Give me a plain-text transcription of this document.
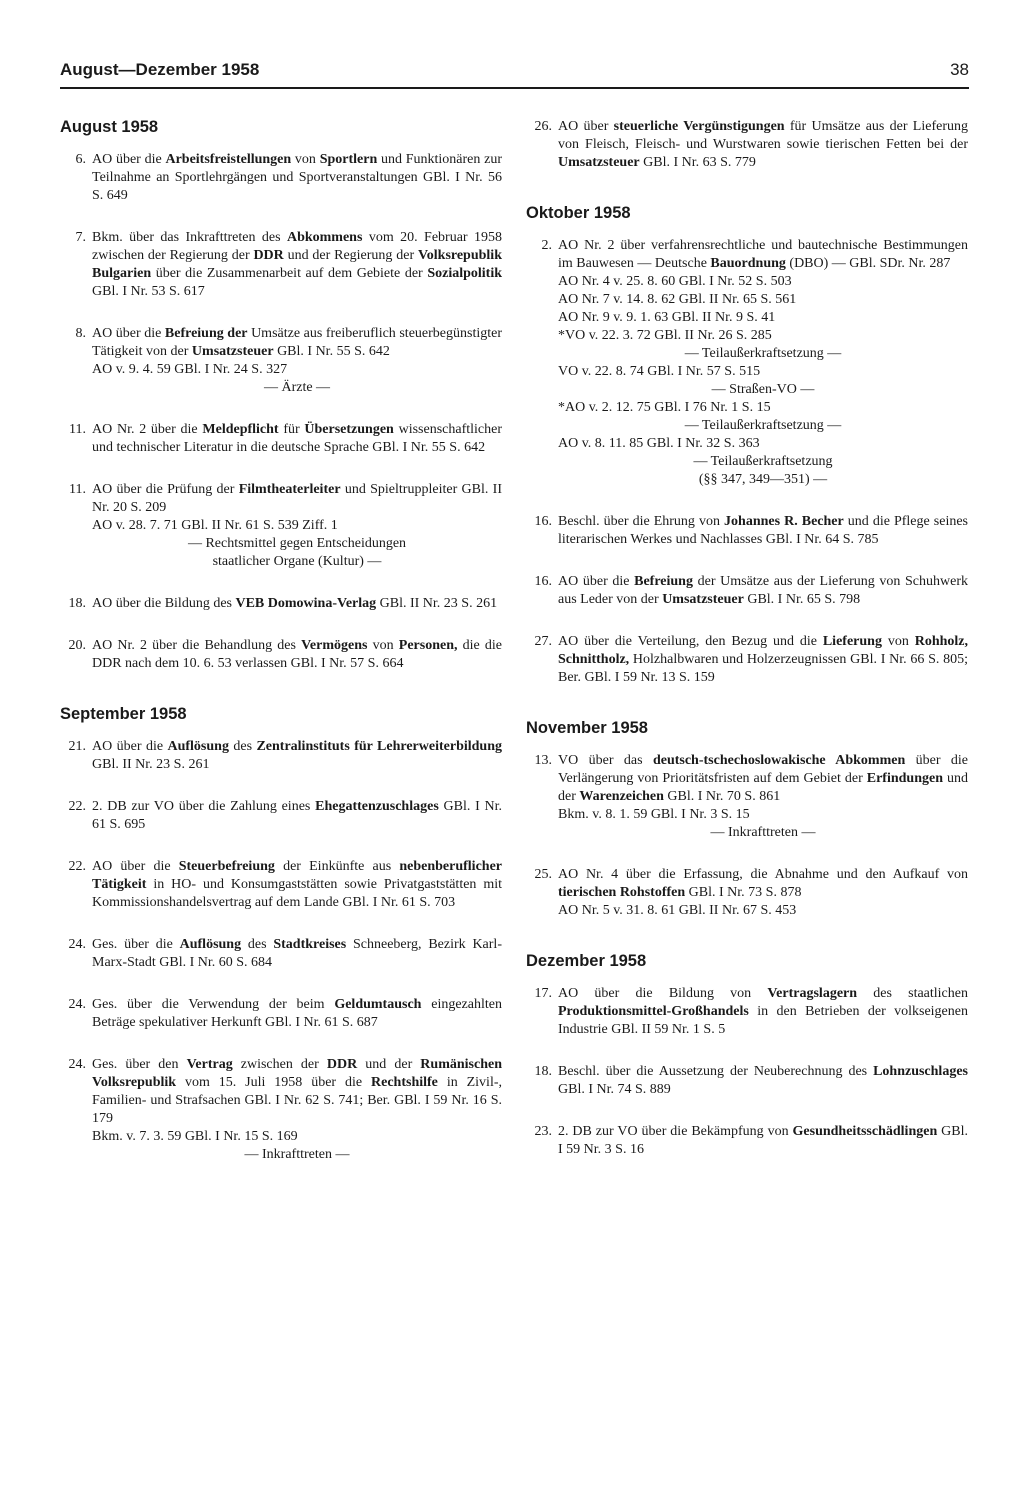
August—Dezember 1958	38
August 1958
6. AO über die Arbeitsfreistellungen von Sportlern und Funktionären zur Teilnahme an Sportlehrgängen und Sportveranstaltungen GBl. I Nr. 56 S. 649
7. Bkm. über das Inkrafttreten des Abkommens vom 20. Februar 1958 zwischen der Regierung der DDR und der Regierung der Volksrepublik Bulgarien über die Zusammenarbeit auf dem Gebiete der Sozialpolitik GBl. I Nr. 53 S. 617
8. AO über die Befreiung der Umsätze aus freiberuflich steuerbegünstigter Tätigkeit von der Umsatzsteuer GBl. I Nr. 55 S. 642
AO v. 9. 4. 59 GBl. I Nr. 24 S. 327
— Ärzte —
11. AO Nr. 2 über die Meldepflicht für Übersetzungen wissenschaftlicher und technischer Literatur in die deutsche Sprache GBl. I Nr. 55 S. 642
11. AO über die Prüfung der Filmtheaterleiter und Spieltruppleiter GBl. II Nr. 20 S. 209
AO v. 28. 7. 71 GBl. II Nr. 61 S. 539 Ziff. 1
— Rechtsmittel gegen Entscheidungen
staatlicher Organe (Kultur) —
18. AO über die Bildung des VEB Domowina-Verlag GBl. II Nr. 23 S. 261
20. AO Nr. 2 über die Behandlung des Vermögens von Personen, die die DDR nach dem 10. 6. 53 verlassen GBl. I Nr. 57 S. 664
September 1958
21. AO über die Auflösung des Zentralinstituts für Lehrerweiterbildung GBl. II Nr. 23 S. 261
22. 2. DB zur VO über die Zahlung eines Ehegattenzuschlages GBl. I Nr. 61 S. 695
22. AO über die Steuerbefreiung der Einkünfte aus nebenberuflicher Tätigkeit in HO- und Konsumgaststätten sowie Privatgaststätten mit Kommissionshandelsvertrag auf dem Lande GBl. I Nr. 61 S. 703
24. Ges. über die Auflösung des Stadtkreises Schneeberg, Bezirk Karl-Marx-Stadt GBl. I Nr. 60 S. 684
24. Ges. über die Verwendung der beim Geldumtausch eingezahlten Beträge spekulativer Herkunft GBl. I Nr. 61 S. 687
24. Ges. über den Vertrag zwischen der DDR und der Rumänischen Volksrepublik vom 15. Juli 1958 über die Rechtshilfe in Zivil-, Familien- und Strafsachen GBl. I Nr. 62 S. 741; Ber. GBl. I 59 Nr. 16 S. 179
Bkm. v. 7. 3. 59 GBl. I Nr. 15 S. 169
— Inkrafttreten —
26. AO über steuerliche Vergünstigungen für Umsätze aus der Lieferung von Fleisch, Fleisch- und Wurstwaren sowie tierischen Fetten bei der Umsatzsteuer GBl. I Nr. 63 S. 779
Oktober 1958
2. AO Nr. 2 über verfahrensrechtliche und bautechnische Bestimmungen im Bauwesen — Deutsche Bauordnung (DBO) — GBl. SDr. Nr. 287
AO Nr. 4 v. 25. 8. 60 GBl. I Nr. 52 S. 503
AO Nr. 7 v. 14. 8. 62 GBl. II Nr. 65 S. 561
AO Nr. 9 v. 9. 1. 63 GBl. II Nr. 9 S. 41
*VO v. 22. 3. 72 GBl. II Nr. 26 S. 285
— Teilaußerkraftsetzung —
VO v. 22. 8. 74 GBl. I Nr. 57 S. 515
— Straßen-VO —
*AO v. 2. 12. 75 GBl. I 76 Nr. 1 S. 15
— Teilaußerkraftsetzung —
AO v. 8. 11. 85 GBl. I Nr. 32 S. 363
— Teilaußerkraftsetzung
(§§ 347, 349—351) —
16. Beschl. über die Ehrung von Johannes R. Becher und die Pflege seines literarischen Werkes und Nachlasses GBl. I Nr. 64 S. 785
16. AO über die Befreiung der Umsätze aus der Lieferung von Schuhwerk aus Leder von der Umsatzsteuer GBl. I Nr. 65 S. 798
27. AO über die Verteilung, den Bezug und die Lieferung von Rohholz, Schnittholz, Holzhalbwaren und Holzerzeugnissen GBl. I Nr. 66 S. 805; Ber. GBl. I 59 Nr. 13 S. 159
November 1958
13. VO über das deutsch-tschechoslowakische Abkommen über die Verlängerung von Prioritätsfristen auf dem Gebiet der Erfindungen und der Warenzeichen GBl. I Nr. 70 S. 861
Bkm. v. 8. 1. 59 GBl. I Nr. 3 S. 15
— Inkrafttreten —
25. AO Nr. 4 über die Erfassung, die Abnahme und den Aufkauf von tierischen Rohstoffen GBl. I Nr. 73 S. 878
AO Nr. 5 v. 31. 8. 61 GBl. II Nr. 67 S. 453
Dezember 1958
17. AO über die Bildung von Vertragslagern des staatlichen Produktionsmittel-Großhandels in den Betrieben der volkseigenen Industrie GBl. II 59 Nr. 1 S. 5
18. Beschl. über die Aussetzung der Neuberechnung des Lohnzuschlages GBl. I Nr. 74 S. 889
23. 2. DB zur VO über die Bekämpfung von Gesundheitsschädlingen GBl. I 59 Nr. 3 S. 16
